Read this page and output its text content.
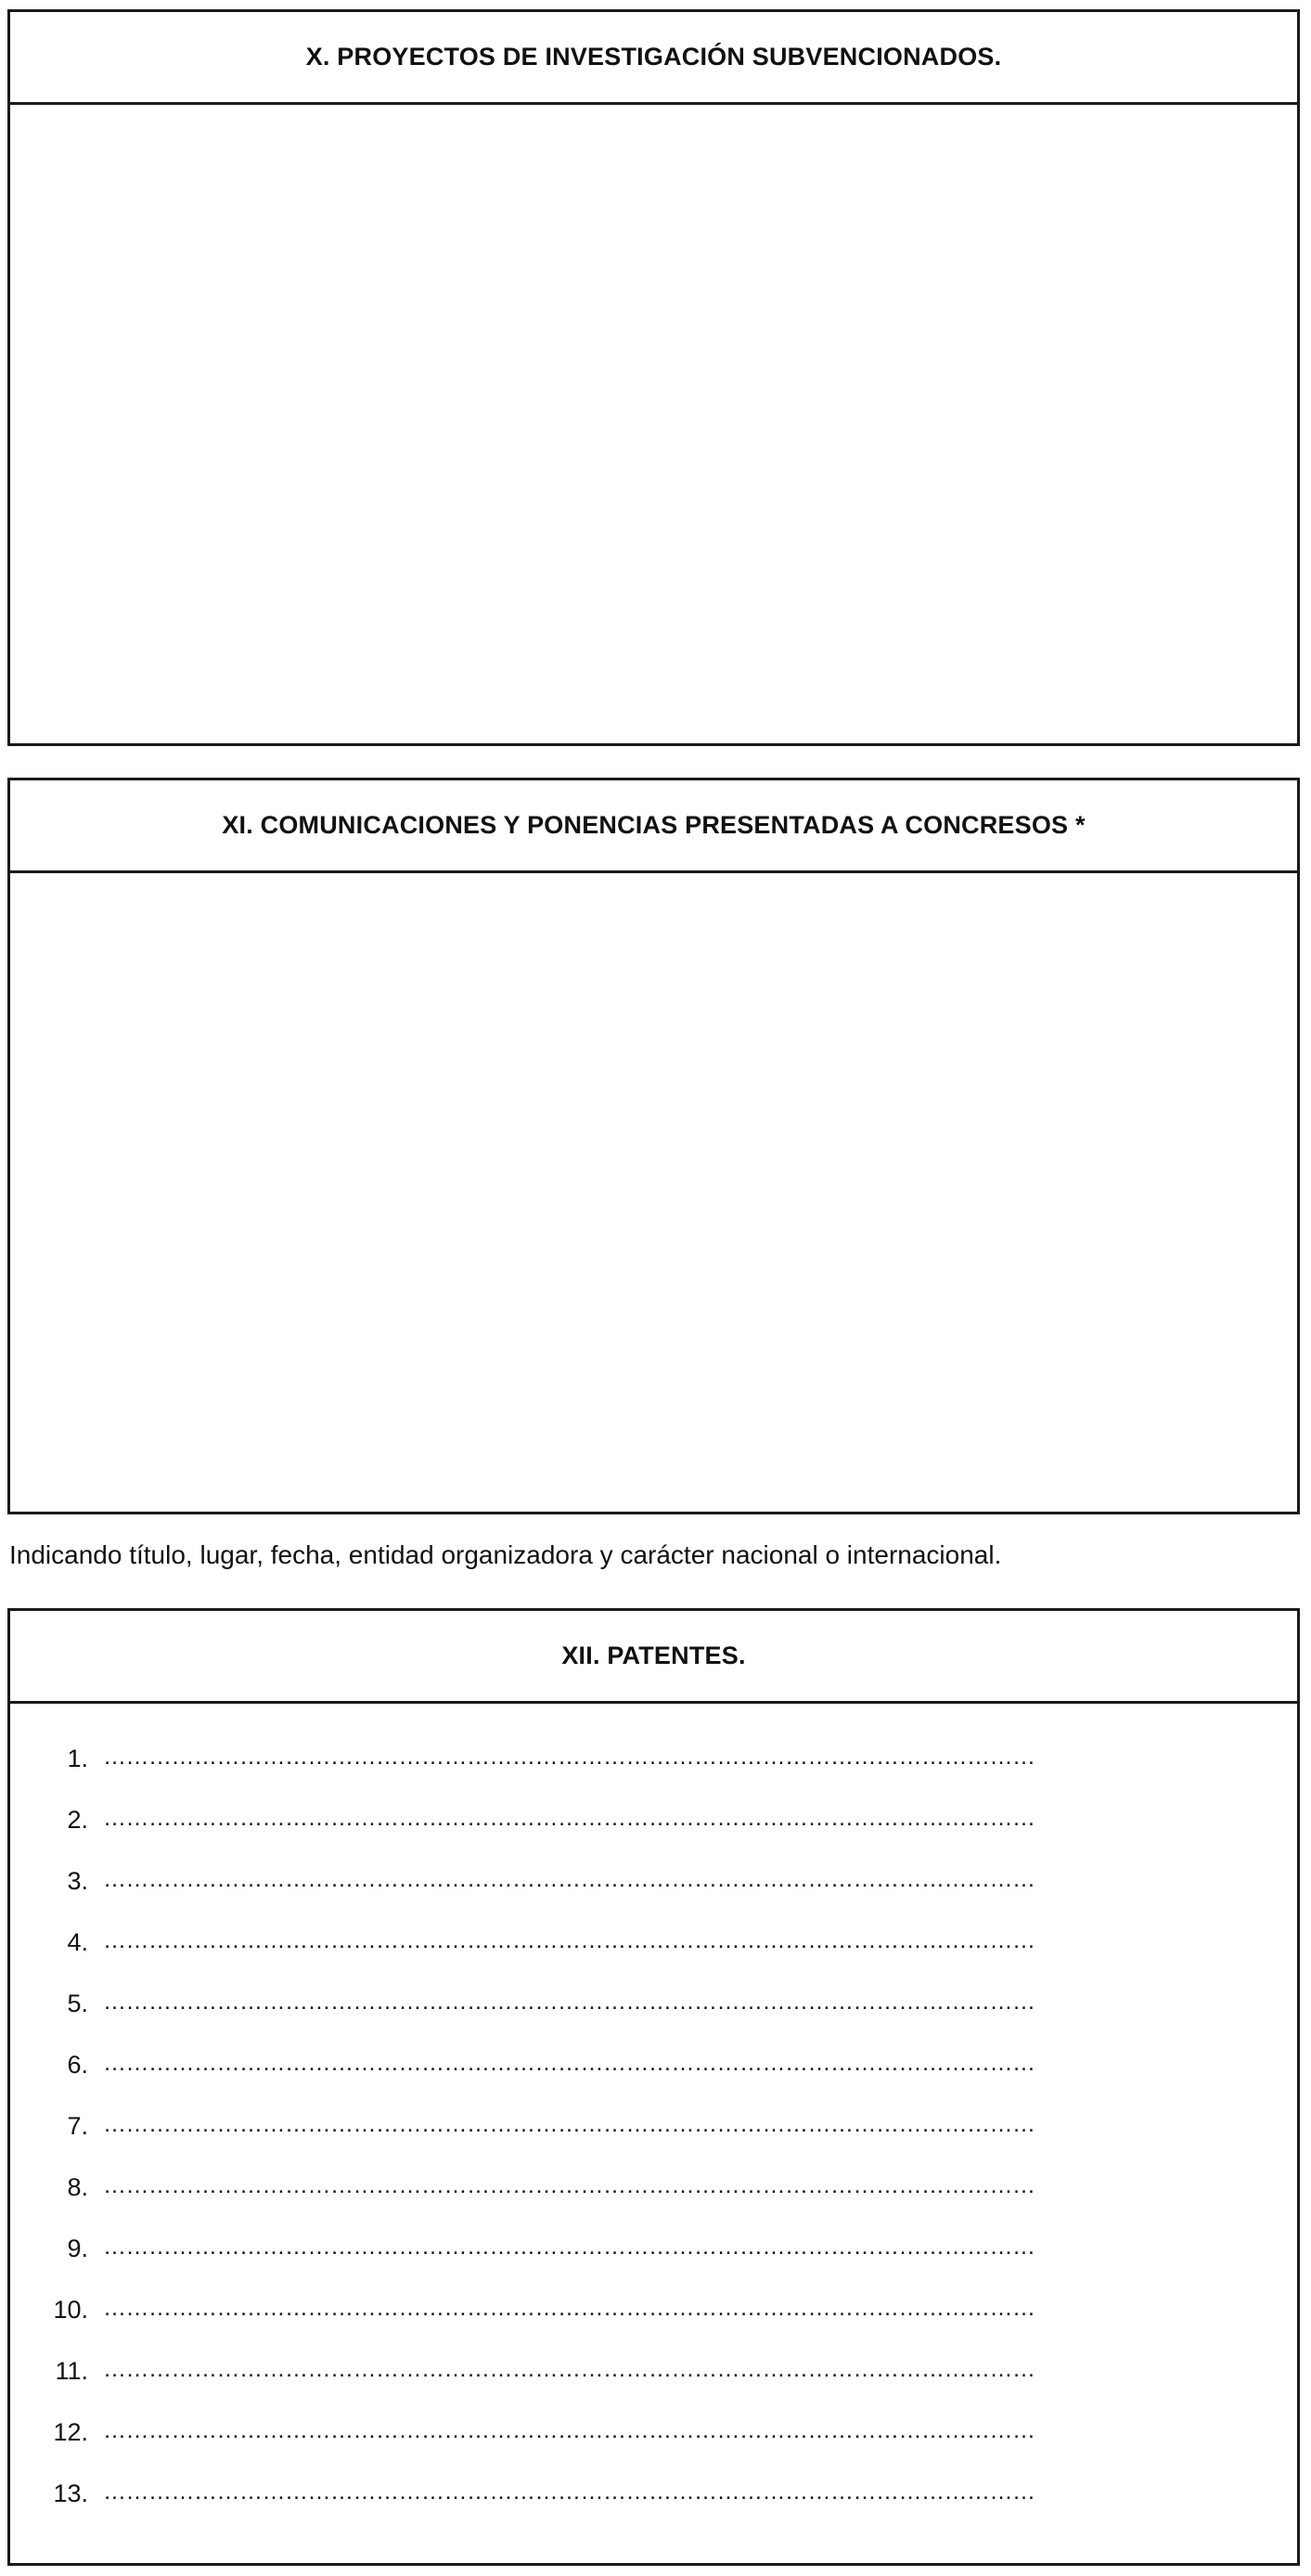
X. PROYECTOS DE INVESTIGACIÓN SUBVENCIONADOS.
XI. COMUNICACIONES Y PONENCIAS PRESENTADAS A CONCRESOS *
Indicando título, lugar, fecha, entidad organizadora y carácter nacional o internacional.
XII. PATENTES.
1. ……………………………………………………………………………………………………………
2. ……………………………………………………………………………………………………………
3. ……………………………………………………………………………………………………………
4. ……………………………………………………………………………………………………………
5. ……………………………………………………………………………………………………………
6. ……………………………………………………………………………………………………………
7. ……………………………………………………………………………………………………………
8. ……………………………………………………………………………………………………………
9. ……………………………………………………………………………………………………………
10. ……………………………………………………………………………………………………………
11. ……………………………………………………………………………………………………………
12. ……………………………………………………………………………………………………………
13. ……………………………………………………………………………………………………………
